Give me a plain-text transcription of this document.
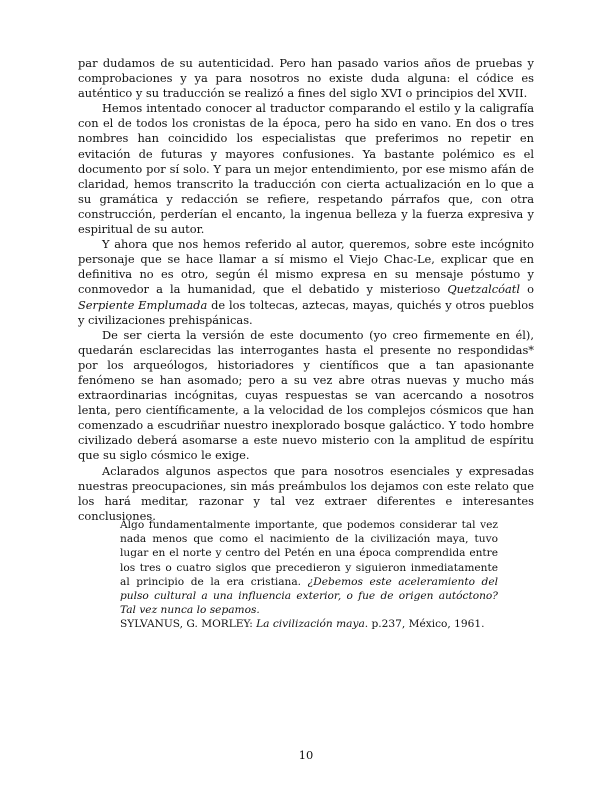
par dudamos de su autenticidad. Pero han pasado varios años de pruebas y comprobaciones y ya para nosotros no existe duda alguna: el códice es auténtico y su traducción se realizó a fines del siglo XVI o principios del XVII.

Hemos intentado conocer al traductor comparando el estilo y la caligrafía con el de todos los cronistas de la época, pero ha sido en vano. En dos o tres nombres han coincidido los especialistas que preferimos no repetir en evitación de futuras y mayores confusiones. Ya bastante polémico es el documento por sí solo. Y para un mejor entendimiento, por ese mismo afán de claridad, hemos transcrito la traducción con cierta actualización en lo que a su gramática y redacción se refiere, respetando párrafos que, con otra construcción, perderían el encanto, la ingenua belleza y la fuerza expresiva y espiritual de su autor.

Y ahora que nos hemos referido al autor, queremos, sobre este incógnito personaje que se hace llamar a sí mismo el Viejo Chac-Le, explicar que en definitiva no es otro, según él mismo expresa en su mensaje póstumo y conmovedor a la humanidad, que el debatido y misterioso Quetzalcóatl o Serpiente Emplumada de los toltecas, aztecas, mayas, quichés y otros pueblos y civilizaciones prehispánicas.

De ser cierta la versión de este documento (yo creo firmemente en él), quedarán esclarecidas las interrogantes hasta el presente no respondidas* por los arqueólogos, historiadores y científicos que a tan apasionante fenómeno se han asomado; pero a su vez abre otras nuevas y mucho más extraordinarias incógnitas, cuyas respuestas se van acercando a nosotros lenta, pero científicamente, a la velocidad de los complejos cósmicos que han comenzado a escudriñar nuestro inexplorado bosque galáctico. Y todo hombre civilizado deberá asomarse a este nuevo misterio con la amplitud de espíritu que su siglo cósmico le exige.

Aclarados algunos aspectos que para nosotros esenciales y expresadas nuestras preocupaciones, sin más preámbulos los dejamos con este relato que los hará meditar, razonar y tal vez extraer diferentes e interesantes conclusiones.

Algo fundamentalmente importante, que podemos considerar tal vez nada menos que como el nacimiento de la civilización maya, tuvo lugar en el norte y centro del Petén en una época comprendida entre los tres o cuatro siglos que precedieron y siguieron inmediatamente al principio de la era cristiana. ¿Debemos este aceleramiento del pulso cultural a una influencia exterior, o fue de origen autóctono? Tal vez nunca lo sepamos.

SYLVANUS, G. MORLEY: La civilización maya. p.237, México, 1961.

10
